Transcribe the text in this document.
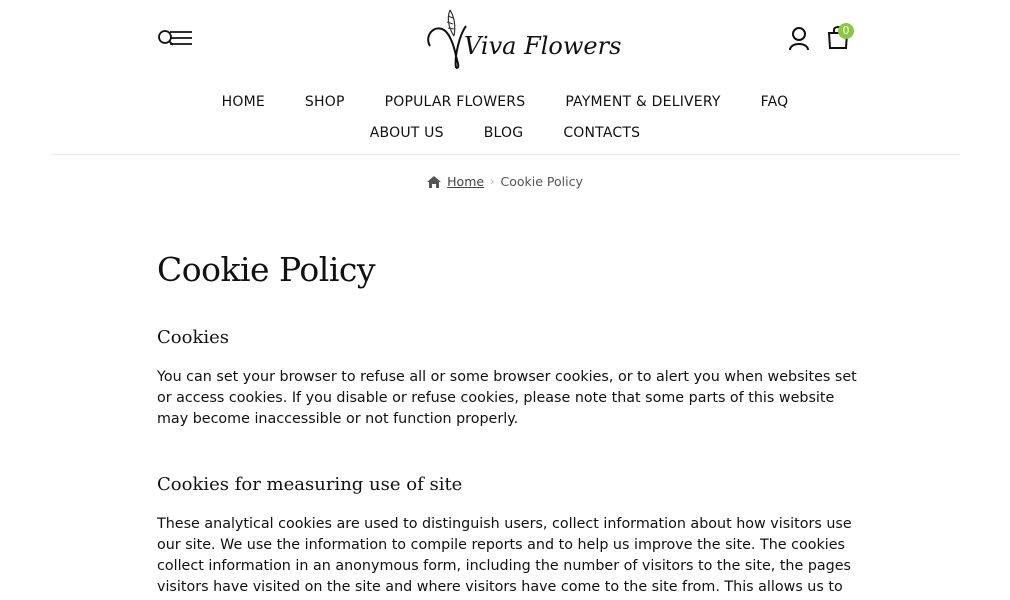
Viva Flowers
0
HOME	SHOP	POPULAR FLOWERS	PAYMENT & DELIVERY	FAQ
ABOUT US	BLOG	CONTACTS
Home › Cookie Policy
Cookie Policy
Cookies

You can set your browser to refuse all or some browser cookies, or to alert you when websites set or access cookies. If you disable or refuse cookies, please note that some parts of this website may become inaccessible or not function properly.

Cookies for measuring use of site

These analytical cookies are used to distinguish users, collect information about how visitors use our site. We use the information to compile reports and to help us improve the site. The cookies collect information in an anonymous form, including the number of visitors to the site, the pages visitors have visited on the site and where visitors have come to the site from. This allows us to
